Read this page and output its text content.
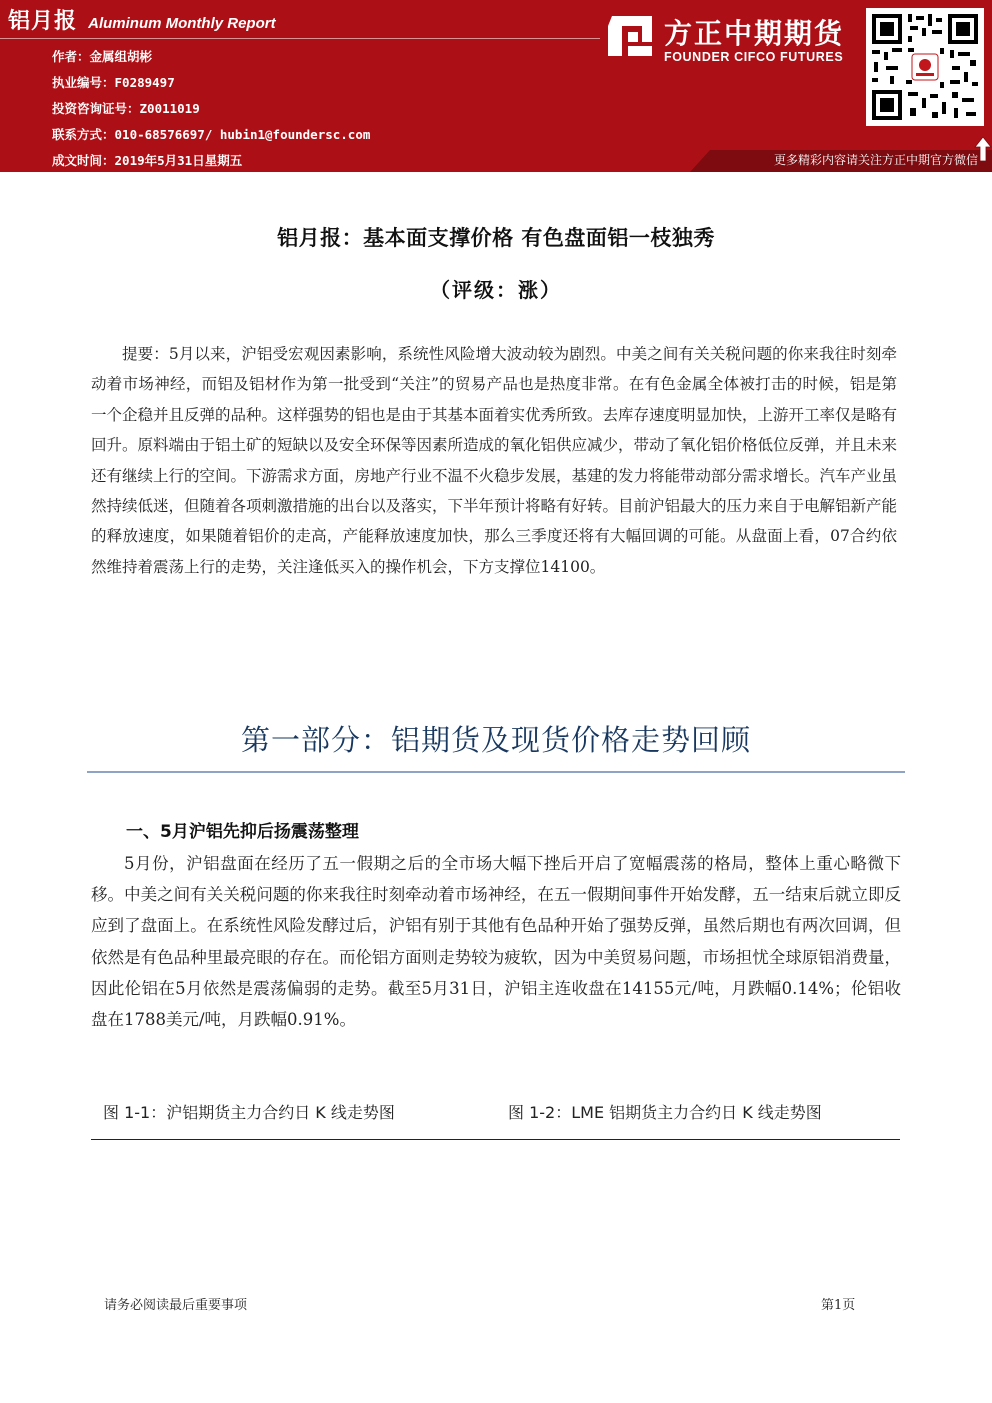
铝月报 Aluminum Monthly Report
作者：金属组胡彬
执业编号：F0289497
投资咨询证号：Z0011019
联系方式：010-68576697/ hubin1@foundersc.com
成文时间：2019年5月31日星期五
方正中期期货
FOUNDER CIFCO FUTURES
更多精彩内容请关注方正中期官方微信
铝月报：基本面支撑价格 有色盘面铝一枝独秀
（评级：涨）
提要：5月以来，沪铝受宏观因素影响，系统性风险增大波动较为剧烈。中美之间有关关税问题的你来我往时刻牵动着市场神经，而铝及铝材作为第一批受到“关注”的贸易产品也是热度非常。在有色金属全体被打击的时候，铝是第一个企稳并且反弹的品种。这样强势的铝也是由于其基本面着实优秀所致。去库存速度明显加快，上游开工率仅是略有回升。原料端由于铝土矿的短缺以及安全环保等因素所造成的氧化铝供应减少，带动了氧化铝价格低位反弹，并且未来还有继续上行的空间。下游需求方面，房地产行业不温不火稳步发展，基建的发力将能带动部分需求增长。汽车产业虽然持续低迷，但随着各项刺激措施的出台以及落实，下半年预计将略有好转。目前沪铝最大的压力来自于电解铝新产能的释放速度，如果随着铝价的走高，产能释放速度加快，那么三季度还将有大幅回调的可能。从盘面上看，07合约依然维持着震荡上行的走势，关注逢低买入的操作机会，下方支撑位14100。
第一部分：铝期货及现货价格走势回顾
一、5月沪铝先抑后扬震荡整理
5月份，沪铝盘面在经历了五一假期之后的全市场大幅下挫后开启了宽幅震荡的格局，整体上重心略微下移。中美之间有关关税问题的你来我往时刻牵动着市场神经，在五一假期间事件开始发酵，五一结束后就立即反应到了盘面上。在系统性风险发酵过后，沪铝有别于其他有色品种开始了强势反弹，虽然后期也有两次回调，但依然是有色品种里最亮眼的存在。而伦铝方面则走势较为疲软，因为中美贸易问题，市场担忧全球原铝消费量，因此伦铝在5月依然是震荡偏弱的走势。截至5月31日，沪铝主连收盘在14155元/吨，月跌幅0.14%；伦铝收盘在1788美元/吨，月跌幅0.91%。
图 1-1：沪铝期货主力合约日 K 线走势图	图 1-2：LME 铝期货主力合约日 K 线走势图
请务必阅读最后重要事项	第1页
